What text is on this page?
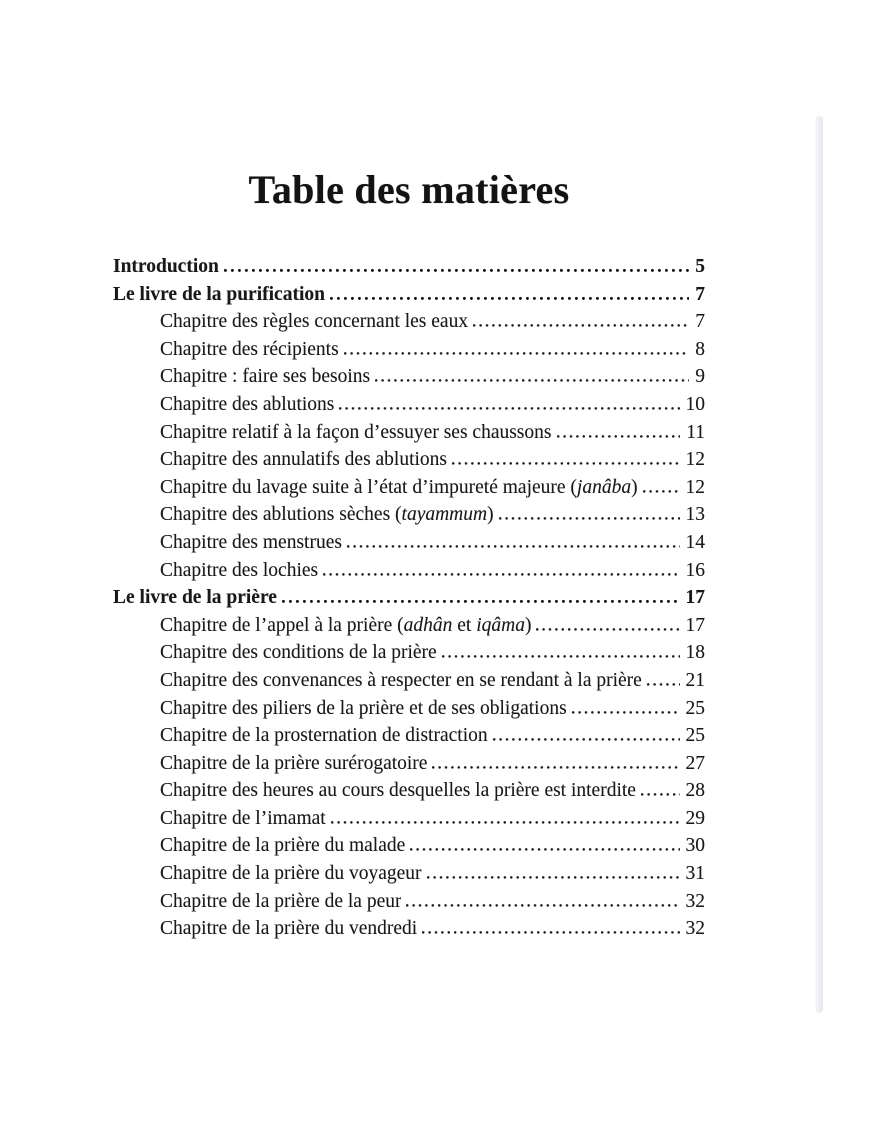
Table des matières
Introduction	5
Le livre de la purification	7
Chapitre des règles concernant les eaux	7
Chapitre des récipients	8
Chapitre : faire ses besoins	9
Chapitre des ablutions	10
Chapitre relatif à la façon d’essuyer ses chaussons	11
Chapitre des annulatifs des ablutions	12
Chapitre du lavage suite à l’état d’impureté majeure (janâba) 12
Chapitre des ablutions sèches (tayammum)	13
Chapitre des menstrues	14
Chapitre des lochies	16
Le livre de la prière	17
Chapitre de l’appel à la prière (adhân et iqâma)	17
Chapitre des conditions de la prière	18
Chapitre des convenances à respecter en se rendant à la prière 21
Chapitre des piliers de la prière et de ses obligations	25
Chapitre de la prosternation de distraction	25
Chapitre de la prière surérogatoire	27
Chapitre des heures au cours desquelles la prière est interdite	28
Chapitre de l’imamat	29
Chapitre de la prière du malade	30
Chapitre de la prière du voyageur	31
Chapitre de la prière de la peur	32
Chapitre de la prière du vendredi	32
